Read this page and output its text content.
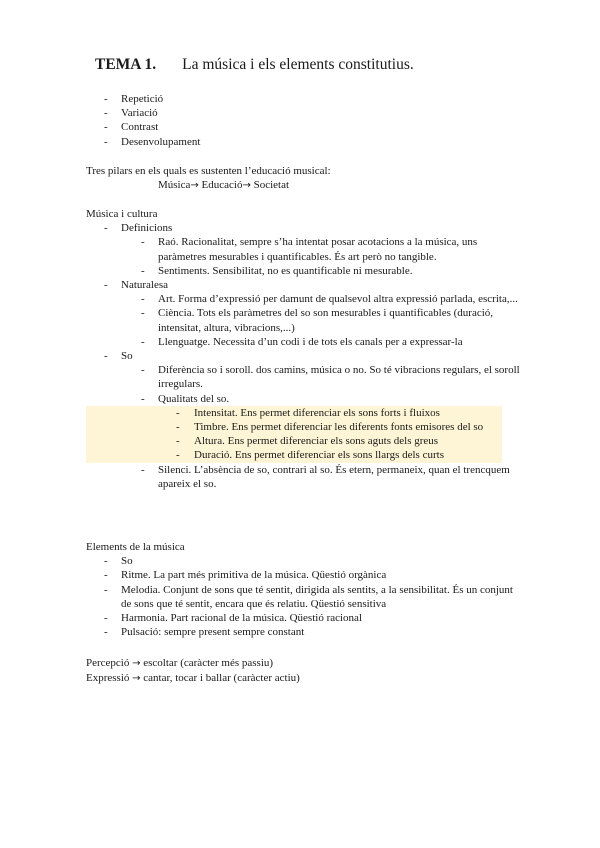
TEMA 1. La música i els elements constitutius.
- Repetició
- Variació
- Contrast
- Desenvolupament
Tres pilars en els quals es sustenten l’educació musical:
Música→ Educació→ Societat
Música i cultura
- Definicions
- Raó. Racionalitat, sempre s’ha intentat posar acotacions a la música, uns paràmetres mesurables i quantificables. És art però no tangible.
- Sentiments. Sensibilitat, no es quantificable ni mesurable.
- Naturalesa
- Art. Forma d’expressió per damunt de qualsevol altra expressió parlada, escrita,...
- Ciència. Tots els paràmetres del so son mesurables i quantificables (duració, intensitat, altura, vibracions,...)
- Llenguatge. Necessita d’un codi i de tots els canals per a expressar-la
- So
- Diferència so i soroll. dos camins, música o no. So té vibracions regulars, el soroll irregulars.
- Qualitats del so.
- Intensitat. Ens permet diferenciar els sons forts i fluixos
- Timbre. Ens permet diferenciar les diferents fonts emisores del so
- Altura. Ens permet diferenciar els sons aguts dels greus
- Duració. Ens permet diferenciar els sons llargs dels curts
- Silenci. L’absència de so, contrari al so. És etern, permaneix, quan el trencquem apareix el so.
Elements de la música
- So
- Ritme. La part més primitiva de la música. Qüestió orgànica
- Melodia. Conjunt de sons que té sentit, dirigida als sentits, a la sensibilitat. És un conjunt de sons que té sentit, encara que és relatiu. Qüestió sensitiva
- Harmonia. Part racional de la música. Qüestió racional
- Pulsació: sempre present sempre constant
Percepció → escoltar (caràcter més passiu)
Expressió → cantar, tocar i ballar (caràcter actiu)
